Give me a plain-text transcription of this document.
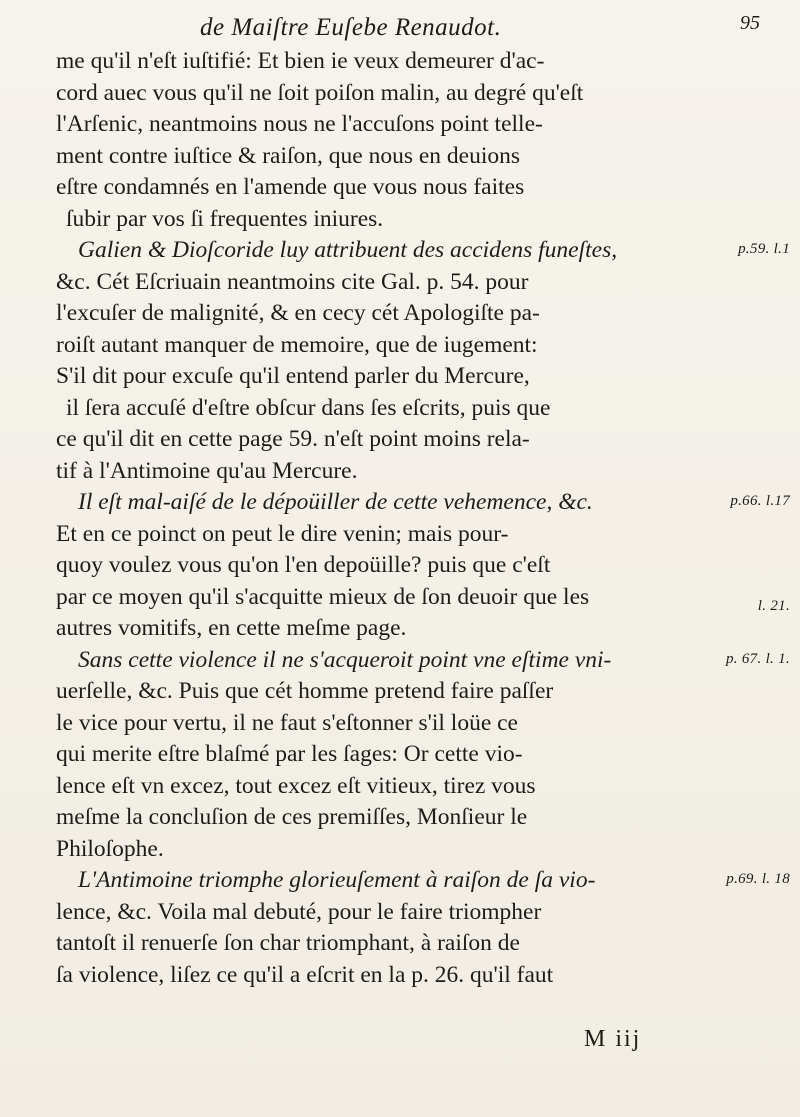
de Maiſtre Euſebe Renaudot.	95
me qu'il n'eſt iuſtifié: Et bien ie veux demeurer d'ac-
cord auec vous qu'il ne ſoit poiſon malin, au degré qu'eſt
l'Arſenic, neantmoins nous ne l'accuſons point telle-
ment contre iuſtice & raiſon, que nous en deuions
eſtre condamnés en l'amende que vous nous faites
ſubir par vos ſi frequentes iniures.
Galien & Dioſcoride luy attribuent des accidens funeſtes,	p.59. l.1
&c. Cét Eſcriuain neantmoins cite Gal. p. 54. pour
l'excuſer de malignité, & en cecy cét Apologiſte pa-
roiſt autant manquer de memoire, que de iugement:
S'il dit pour excuſe qu'il entend parler du Mercure,
il ſera accuſé d'eſtre obſcur dans ſes eſcrits, puis que
ce qu'il dit en cette page 59. n'eſt point moins rela-
tif à l'Antimoine qu'au Mercure.
Il eſt mal-aiſé de le dépoüiller de cette vehemence, &c.	p.66. l.17
Et en ce poinct on peut le dire venin; mais pour-
quoy voulez vous qu'on l'en depoüille? puis que c'eſt
par ce moyen qu'il s'acquitte mieux de ſon deuoir que les	l. 21.
autres vomitifs, en cette meſme page.
Sans cette violence il ne s'acqueroit point vne eſtime vni-	p. 67. l. 1.
uerſelle, &c. Puis que cét homme pretend faire paſſer
le vice pour vertu, il ne faut s'eſtonner s'il loüe ce
qui merite eſtre blaſmé par les ſages: Or cette vio-
lence eſt vn excez, tout excez eſt vitieux, tirez vous
meſme la concluſion de ces premiſſes, Monſieur le
Philoſophe.
L'Antimoine triomphe glorieuſement à raiſon de ſa vio-	p.69. l. 18
lence, &c. Voila mal debuté, pour le faire triompher
tantoſt il renuerſe ſon char triomphant, à raiſon de
ſa violence, liſez ce qu'il a eſcrit en la p. 26. qu'il faut
M iij
